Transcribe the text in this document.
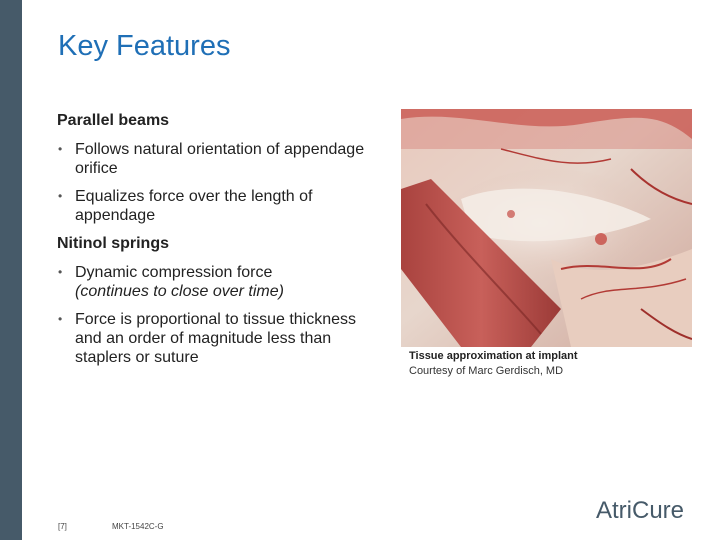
Key Features
Parallel beams
• Follows natural orientation of appendage orifice
• Equalizes force over the length of appendage
Nitinol springs
• Dynamic compression force
(continues to close over time)
• Force is proportional to tissue thickness and an order of magnitude less than staplers or suture	Tissue approximation at implant
Courtesy of Marc Gerdisch, MD
[7]	MKT-1542C-G
AtriCure
